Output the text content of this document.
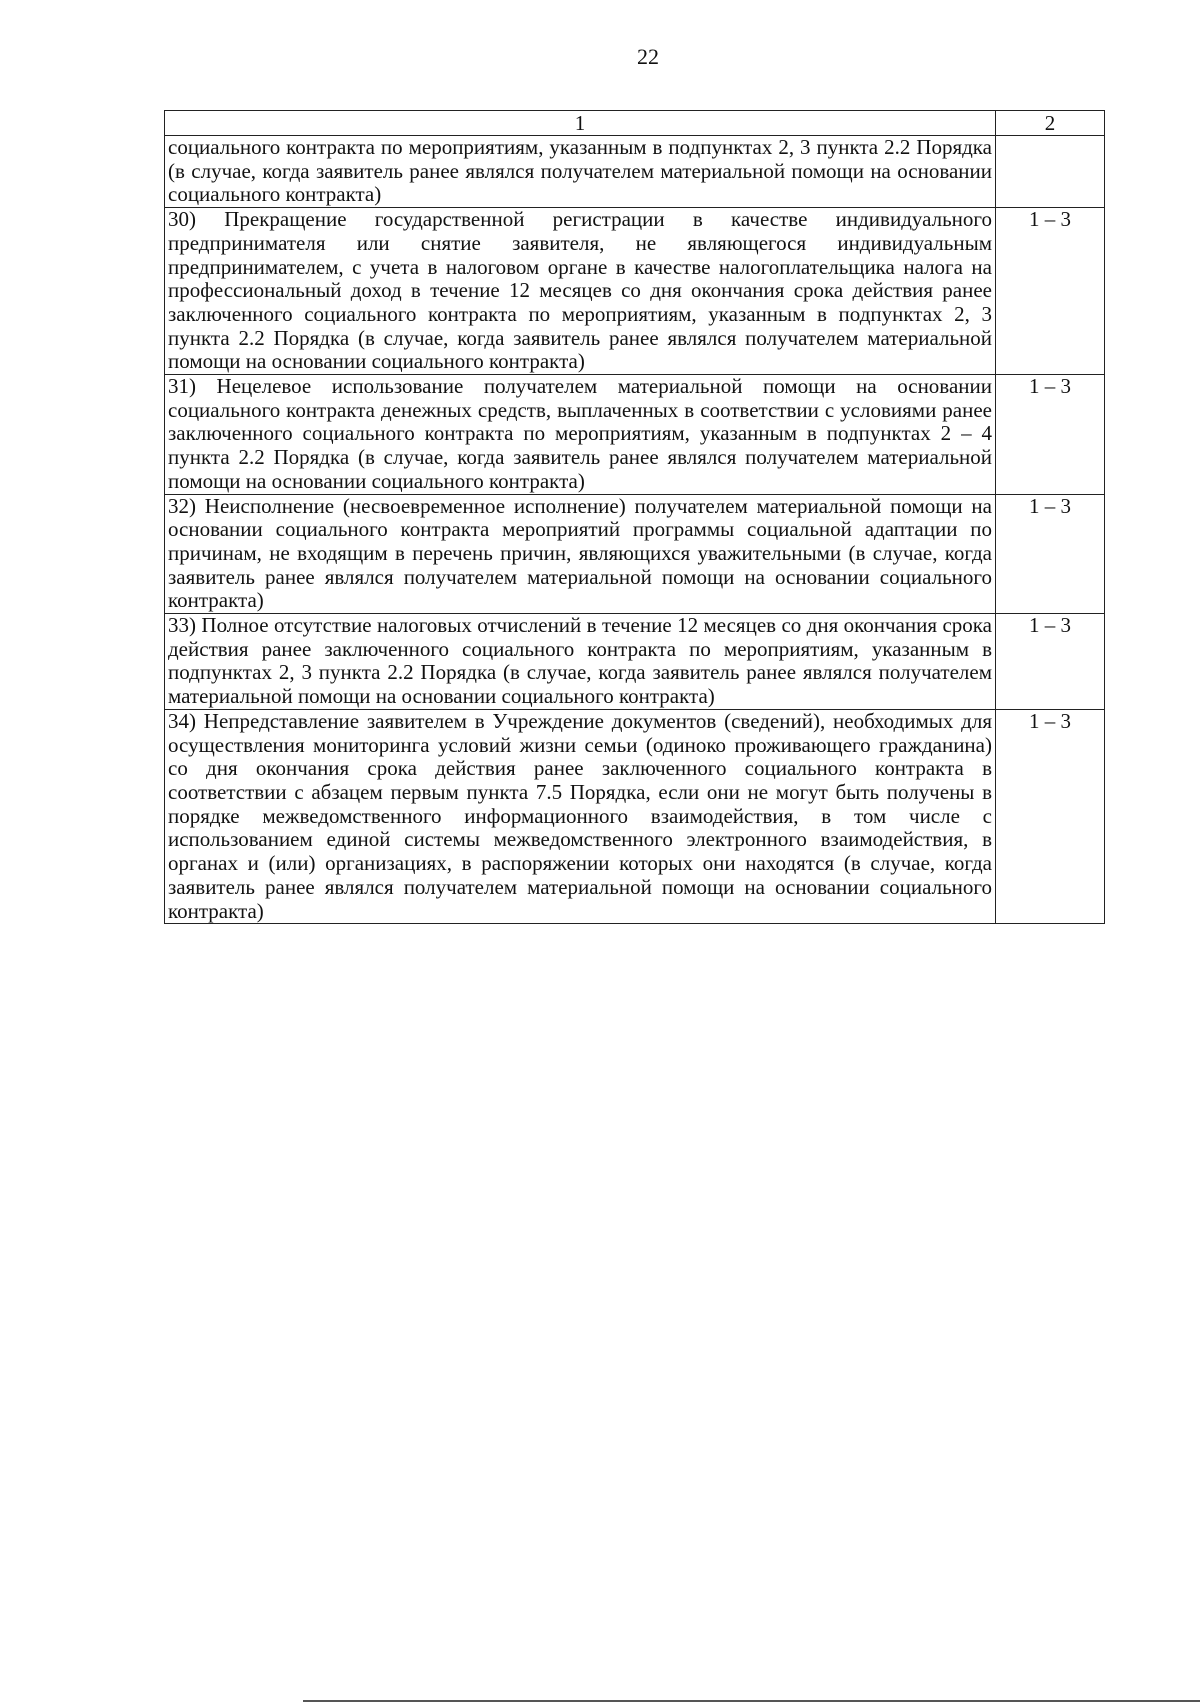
22
1	2
социального контракта по мероприятиям, указанным в подпунктах 2, 3 пункта 2.2 Порядка (в случае, когда заявитель ранее являлся получателем материальной помощи на основании социального контракта)	
30) Прекращение государственной регистрации в качестве индивидуального предпринимателя или снятие заявителя, не являющегося индивидуальным предпринимателем, с учета в налоговом органе в качестве налогоплательщика налога на профессиональный доход в течение 12 месяцев со дня окончания срока действия ранее заключенного социального контракта по мероприятиям, указанным в подпунктах 2, 3 пункта 2.2 Порядка (в случае, когда заявитель ранее являлся получателем материальной помощи на основании социального контракта)	1 – 3
31) Нецелевое использование получателем материальной помощи на основании социального контракта денежных средств, выплаченных в соответствии с условиями ранее заключенного социального контракта по мероприятиям, указанным в подпунктах 2 – 4 пункта 2.2 Порядка (в случае, когда заявитель ранее являлся получателем материальной помощи на основании социального контракта)	1 – 3
32) Неисполнение (несвоевременное исполнение) получателем материальной помощи на основании социального контракта мероприятий программы социальной адаптации по причинам, не входящим в перечень причин, являющихся уважительными (в случае, когда заявитель ранее являлся получателем материальной помощи на основании социального контракта)	1 – 3
33) Полное отсутствие налоговых отчислений в течение 12 месяцев со дня окончания срока действия ранее заключенного социального контракта по мероприятиям, указанным в подпунктах 2, 3 пункта 2.2 Порядка (в случае, когда заявитель ранее являлся получателем материальной помощи на основании социального контракта)	1 – 3
34) Непредставление заявителем в Учреждение документов (сведений), необходимых для осуществления мониторинга условий жизни семьи (одиноко проживающего гражданина) со дня окончания срока действия ранее заключенного социального контракта в соответствии с абзацем первым пункта 7.5 Порядка, если они не могут быть получены в порядке межведомственного информационного взаимодействия, в том числе с использованием единой системы межведомственного электронного взаимодействия, в органах и (или) организациях, в распоряжении которых они находятся (в случае, когда заявитель ранее являлся получателем материальной помощи на основании социального контракта)	1 – 3
